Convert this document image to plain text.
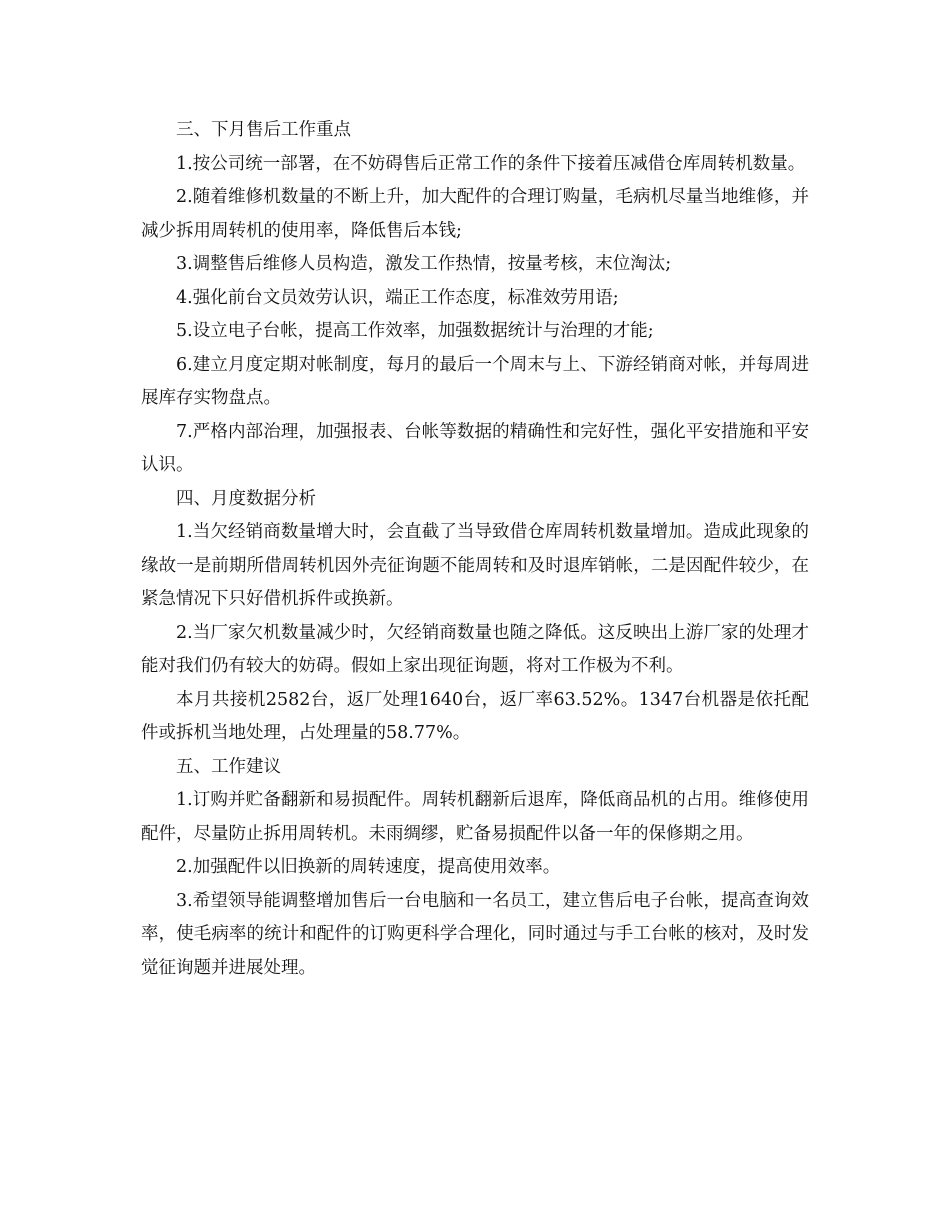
三、下月售后工作重点

1.按公司统一部署，在不妨碍售后正常工作的条件下接着压减借仓库周转机数量。

2.随着维修机数量的不断上升，加大配件的合理订购量，毛病机尽量当地维修，并减少拆用周转机的使用率，降低售后本钱;

3.调整售后维修人员构造，激发工作热情，按量考核，末位淘汰;

4.强化前台文员效劳认识，端正工作态度，标准效劳用语;

5.设立电子台帐，提高工作效率，加强数据统计与治理的才能;

6.建立月度定期对帐制度，每月的最后一个周末与上、下游经销商对帐，并每周进展库存实物盘点。

7.严格内部治理，加强报表、台帐等数据的精确性和完好性，强化平安措施和平安认识。

四、月度数据分析

1.当欠经销商数量增大时，会直截了当导致借仓库周转机数量增加。造成此现象的缘故一是前期所借周转机因外壳征询题不能周转和及时退库销帐，二是因配件较少，在紧急情况下只好借机拆件或换新。

2.当厂家欠机数量减少时，欠经销商数量也随之降低。这反映出上游厂家的处理才能对我们仍有较大的妨碍。假如上家出现征询题，将对工作极为不利。

本月共接机2582台，返厂处理1640台，返厂率63.52%。1347台机器是依托配件或拆机当地处理，占处理量的58.77%。

五、工作建议

1.订购并贮备翻新和易损配件。周转机翻新后退库，降低商品机的占用。维修使用配件，尽量防止拆用周转机。未雨绸缪，贮备易损配件以备一年的保修期之用。

2.加强配件以旧换新的周转速度，提高使用效率。

3.希望领导能调整增加售后一台电脑和一名员工，建立售后电子台帐，提高查询效率，使毛病率的统计和配件的订购更科学合理化，同时通过与手工台帐的核对，及时发觉征询题并进展处理。
